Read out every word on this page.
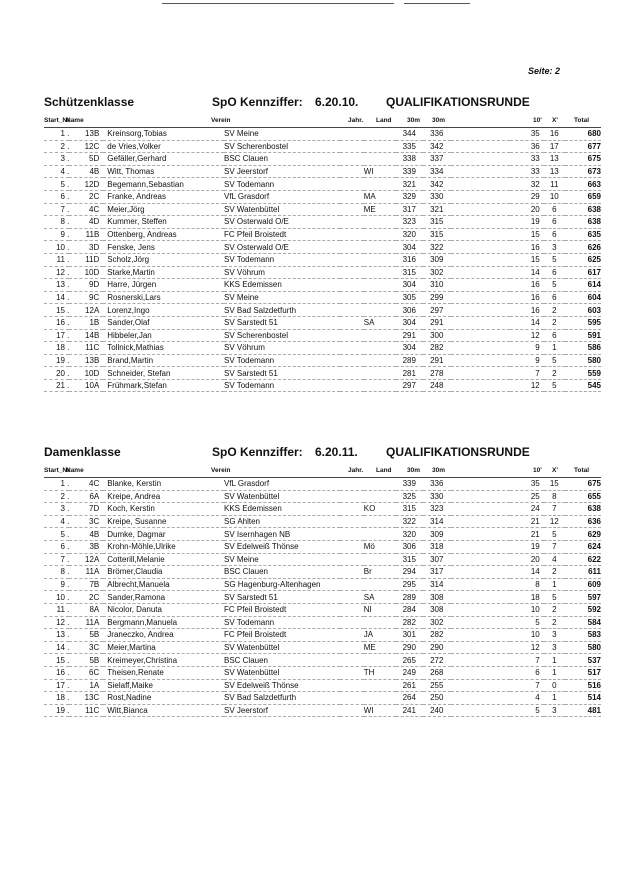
Seite: 2
Schützenklasse	SpO Kennziffer: 6.20.10. QUALIFIKATIONSRUNDE
Start_Nr
Name	Verein	Jahr. Land 30m 30m	10' X' Total
1 .	13B	Kreinsorg,Tobias	SV Meine			344	336		35	16	680
2 .	12C	de Vries,Volker	SV Scherenbostel			335	342		36	17	677
3 .	5D	Gefäller,Gerhard	BSC Clauen			338	337		33	13	675
4 .	4B	Witt, Thomas	SV Jeerstorf		WI	339	334		33	13	673
5 .	12D	Begemann,Sebastian	SV Todemann			321	342		32	11	663
6 .	2C	Franke, Andreas	VfL Grasdorf		MA	329	330		29	10	659
7 .	4C	Meier,Jörg	SV Watenbüttel		ME	317	321		20	6	638
8 .	4D	Kummer, Steffen	SV Osterwald O/E			323	315		19	6	638
9 .	11B	Ottenberg, Andreas	FC Pfeil Broistedt			320	315		15	6	635
10 .	3D	Fenske, Jens	SV Osterwald O/E			304	322		16	3	626
11 .	11D	Scholz,Jörg	SV Todemann			316	309		15	5	625
12 .	10D	Starke,Martin	SV Vöhrum			315	302		14	6	617
13 .	9D	Harre, Jürgen	KKS Edemissen			304	310		16	5	614
14 .	9C	Rosnerski,Lars	SV Meine			305	299		16	6	604
15 .	12A	Lorenz,Ingo	SV Bad Salzdetfurth			306	297		16	2	603
16 .	1B	Sander,Olaf	SV Sarstedt 51		SA	304	291		14	2	595
17 .	14B	Hibbeler,Jan	SV Scherenbostel			291	300		12	6	591
18 .	11C	Tollnick,Mathias	SV Vöhrum			304	282		9	1	586
19 .	13B	Brand,Martin	SV Todemann			289	291		9	5	580
20 .	10D	Schneider, Stefan	SV Sarstedt 51			281	278		7	2	559
21 .	10A	Frühmark,Stefan	SV Todemann			297	248		12	5	545
Damenklasse	SpO Kennziffer: 6.20.11. QUALIFIKATIONSRUNDE
Start_Nr
Name	Verein	Jahr. Land 30m 30m	10' X' Total
1 .	4C	Blanke, Kerstin	VfL Grasdorf			339	336		35	15	675
2 .	6A	Kreipe, Andrea	SV Watenbüttel			325	330		25	8	655
3 .	7D	Koch, Kerstin	KKS Edemissen		KO	315	323		24	7	638
4 .	3C	Kreipe, Susanne	SG Ahlten			322	314		21	12	636
5 .	4B	Dumke, Dagmar	SV Isernhagen NB			320	309		21	5	629
6 .	3B	Krohn-Möhle,Ulrike	SV Edelweiß Thönse		Mö	306	318		19	7	624
7 .	12A	Cotterill,Melanie	SV Meine			315	307		20	4	622
8 .	11A	Brömer,Claudia	BSC Clauen		Br	294	317		14	2	611
9 .	7B	Albrecht,Manuela	SG Hagenburg-Altenhagen			295	314		8	1	609
10 .	2C	Sander,Ramona	SV Sarstedt 51		SA	289	308		18	5	597
11 .	8A	Nicolor, Danuta	FC Pfeil Broistedt		NI	284	308		10	2	592
12 .	11A	Bergmann,Manuela	SV Todemann			282	302		5	2	584
13 .	5B	Jraneczko, Andrea	FC Pfeil Broistedt		JA	301	282		10	3	583
14 .	3C	Meier,Martina	SV Watenbüttel		ME	290	290		12	3	580
15 .	5B	Kreimeyer,Christina	BSC Clauen			265	272		7	1	537
16 .	6C	Theisen,Renate	SV Watenbüttel		TH	249	268		6	1	517
17 .	1A	Sielaff,Maike	SV Edelweiß Thönse			261	255		7	0	516
18 .	13C	Rost,Nadine	SV Bad Salzdetfurth			264	250		4	1	514
19 .	11C	Witt,Bianca	SV Jeerstorf		WI	241	240		5	3	481
